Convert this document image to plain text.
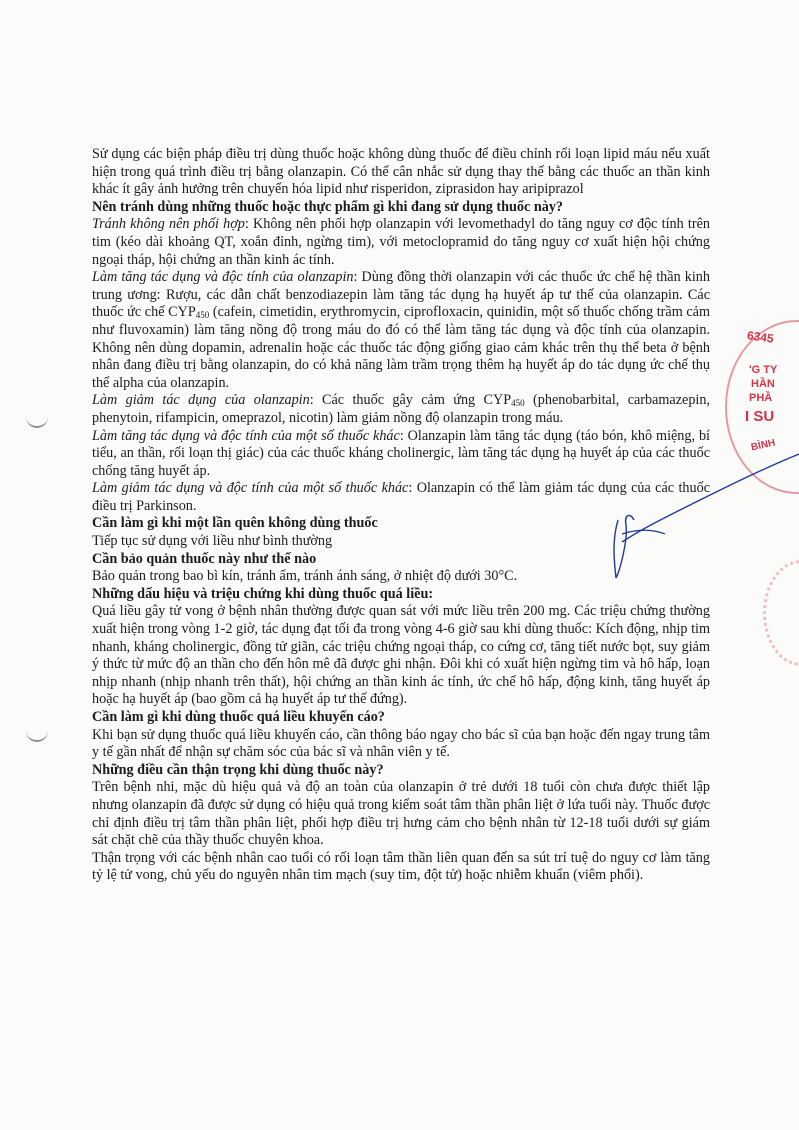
6345
'G TY
HẦN
PHẦ
I SU
BÌNH

Sử dụng các biện pháp điều trị dùng thuốc hoặc không dùng thuốc để điều chỉnh rối loạn lipid máu nếu xuất hiện trong quá trình điều trị bằng olanzapin. Có thể cân nhắc sử dụng thay thế bằng các thuốc an thần kinh khác ít gây ảnh hưởng trên chuyển hóa lipid như risperidon, ziprasidon hay aripiprazol

Nên tránh dùng những thuốc hoặc thực phẩm gì khi đang sử dụng thuốc này?

Tránh không nên phối hợp: Không nên phối hợp olanzapin với levomethadyl do tăng nguy cơ độc tính trên tim (kéo dài khoảng QT, xoắn đỉnh, ngừng tim), với metoclopramid do tăng nguy cơ xuất hiện hội chứng ngoại tháp, hội chứng an thần kinh ác tính.

Làm tăng tác dụng và độc tính của olanzapin: Dùng đồng thời olanzapin với các thuốc ức chế hệ thần kinh trung ương: Rượu, các dẫn chất benzodiazepin làm tăng tác dụng hạ huyết áp tư thế của olanzapin. Các thuốc ức chế $CYP_{450}$ (cafein, cimetidin, erythromycin, ciprofloxacin, quinidin, một số thuốc chống trầm cảm như fluvoxamin) làm tăng nồng độ trong máu do đó có thể làm tăng tác dụng và độc tính của olanzapin. Không nên dùng dopamin, adrenalin hoặc các thuốc tác động giống giao cảm khác trên thụ thể beta ở bệnh nhân đang điều trị bằng olanzapin, do có khả năng làm trầm trọng thêm hạ huyết áp do tác dụng ức chế thụ thể alpha của olanzapin.

Làm giảm tác dụng của olanzapin: Các thuốc gây cảm ứng $CYP_{450}$ (phenobarbital, carbamazepin, phenytoin, rifampicin, omeprazol, nicotin) làm giảm nồng độ olanzapin trong máu.

Làm tăng tác dụng và độc tính của một số thuốc khác: Olanzapin làm tăng tác dụng (táo bón, khô miệng, bí tiểu, an thần, rối loạn thị giác) của các thuốc kháng cholinergic, làm tăng tác dụng hạ huyết áp của các thuốc chống tăng huyết áp.

Làm giảm tác dụng và độc tính của một số thuốc khác: Olanzapin có thể làm giảm tác dụng của các thuốc điều trị Parkinson.

Cần làm gì khi một lần quên không dùng thuốc

Tiếp tục sử dụng với liều như bình thường

Cần bảo quản thuốc này như thế nào

Bảo quản trong bao bì kín, tránh ẩm, tránh ánh sáng, ở nhiệt độ dưới 30°C.

Những dấu hiệu và triệu chứng khi dùng thuốc quá liều:

Quá liều gây tử vong ở bệnh nhân thường được quan sát với mức liều trên 200 mg. Các triệu chứng thường xuất hiện trong vòng 1-2 giờ, tác dụng đạt tối đa trong vòng 4-6 giờ sau khi dùng thuốc: Kích động, nhịp tim nhanh, kháng cholinergic, đồng tử giãn, các triệu chứng ngoại tháp, co cứng cơ, tăng tiết nước bọt, suy giảm ý thức từ mức độ an thần cho đến hôn mê đã được ghi nhận. Đôi khi có xuất hiện ngừng tim và hô hấp, loạn nhịp nhanh (nhịp nhanh trên thất), hội chứng an thần kinh ác tính, ức chế hô hấp, động kinh, tăng huyết áp hoặc hạ huyết áp (bao gồm cả hạ huyết áp tư thế đứng).

Cần làm gì khi dùng thuốc quá liều khuyến cáo?

Khi bạn sử dụng thuốc quá liều khuyến cáo, cần thông báo ngay cho bác sĩ của bạn hoặc đến ngay trung tâm y tế gần nhất để nhận sự chăm sóc của bác sĩ và nhân viên y tế.

Những điều cần thận trọng khi dùng thuốc này?

Trên bệnh nhi, mặc dù hiệu quả và độ an toàn của olanzapin ở trẻ dưới 18 tuổi còn chưa được thiết lập nhưng olanzapin đã được sử dụng có hiệu quả trong kiểm soát tâm thần phân liệt ở lứa tuổi này. Thuốc được chỉ định điều trị tâm thần phân liệt, phối hợp điều trị hưng cảm cho bệnh nhân từ 12-18 tuổi dưới sự giám sát chặt chẽ của thầy thuốc chuyên khoa.

Thận trọng với các bệnh nhân cao tuổi có rối loạn tâm thần liên quan đến sa sút trí tuệ do nguy cơ làm tăng tỷ lệ tử vong, chủ yếu do nguyên nhân tim mạch (suy tim, đột tử) hoặc nhiễm khuẩn (viêm phổi).
